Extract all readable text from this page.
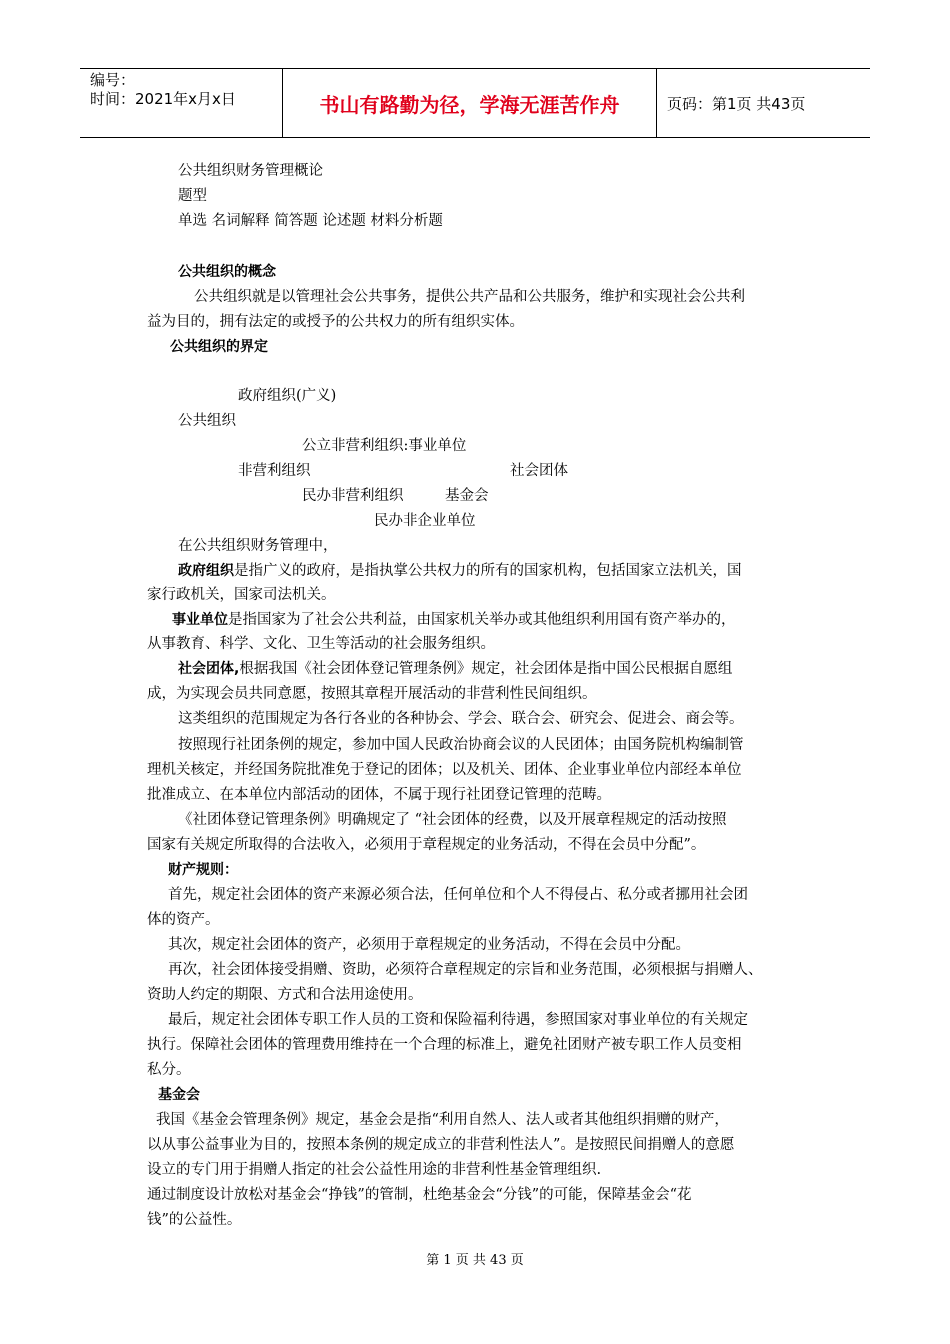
编号：
时间：2021年x月x日	书山有路勤为径，学海无涯苦作舟	页码：第1页 共43页
公共组织财务管理概论
题型
单选 名词解释 简答题 论述题 材料分析题
公共组织的概念
公共组织就是以管理社会公共事务，提供公共产品和公共服务，维护和实现社会公共利
益为目的，拥有法定的或授予的公共权力的所有组织实体。
公共组织的界定
政府组织(广义)
公共组织
公立非营利组织:事业单位
非营利组织	社会团体
民办非营利组织	基金会
民办非企业单位
在公共组织财务管理中，
政府组织是指广义的政府，是指执掌公共权力的所有的国家机构，包括国家立法机关，国
家行政机关，国家司法机关。
事业单位是指国家为了社会公共利益，由国家机关举办或其他组织利用国有资产举办的，
从事教育、科学、文化、卫生等活动的社会服务组织。
社会团体,根据我国《社会团体登记管理条例》规定，社会团体是指中国公民根据自愿组
成，为实现会员共同意愿，按照其章程开展活动的非营利性民间组织。
这类组织的范围规定为各行各业的各种协会、学会、联合会、研究会、促进会、商会等。
按照现行社团条例的规定，参加中国人民政治协商会议的人民团体；由国务院机构编制管
理机关核定，并经国务院批准免于登记的团体；以及机关、团体、企业事业单位内部经本单位
批准成立、在本单位内部活动的团体，不属于现行社团登记管理的范畴。
《社团体登记管理条例》明确规定了 “社会团体的经费，以及开展章程规定的活动按照
国家有关规定所取得的合法收入，必须用于章程规定的业务活动，不得在会员中分配”。
财产规则：
首先，规定社会团体的资产来源必须合法，任何单位和个人不得侵占、私分或者挪用社会团
体的资产。
其次，规定社会团体的资产，必须用于章程规定的业务活动，不得在会员中分配。
再次，社会团体接受捐赠、资助，必须符合章程规定的宗旨和业务范围，必须根据与捐赠人、
资助人约定的期限、方式和合法用途使用。
最后，规定社会团体专职工作人员的工资和保险福利待遇，参照国家对事业单位的有关规定
执行。保障社会团体的管理费用维持在一个合理的标准上，避免社团财产被专职工作人员变相
私分。
基金会
我国《基金会管理条例》规定，基金会是指“利用自然人、法人或者其他组织捐赠的财产，
以从事公益事业为目的，按照本条例的规定成立的非营利性法人”。是按照民间捐赠人的意愿
设立的专门用于捐赠人指定的社会公益性用途的非营利性基金管理组织.
通过制度设计放松对基金会“挣钱”的管制，杜绝基金会“分钱”的可能，保障基金会“花
钱”的公益性。
第 1 页 共 43 页
